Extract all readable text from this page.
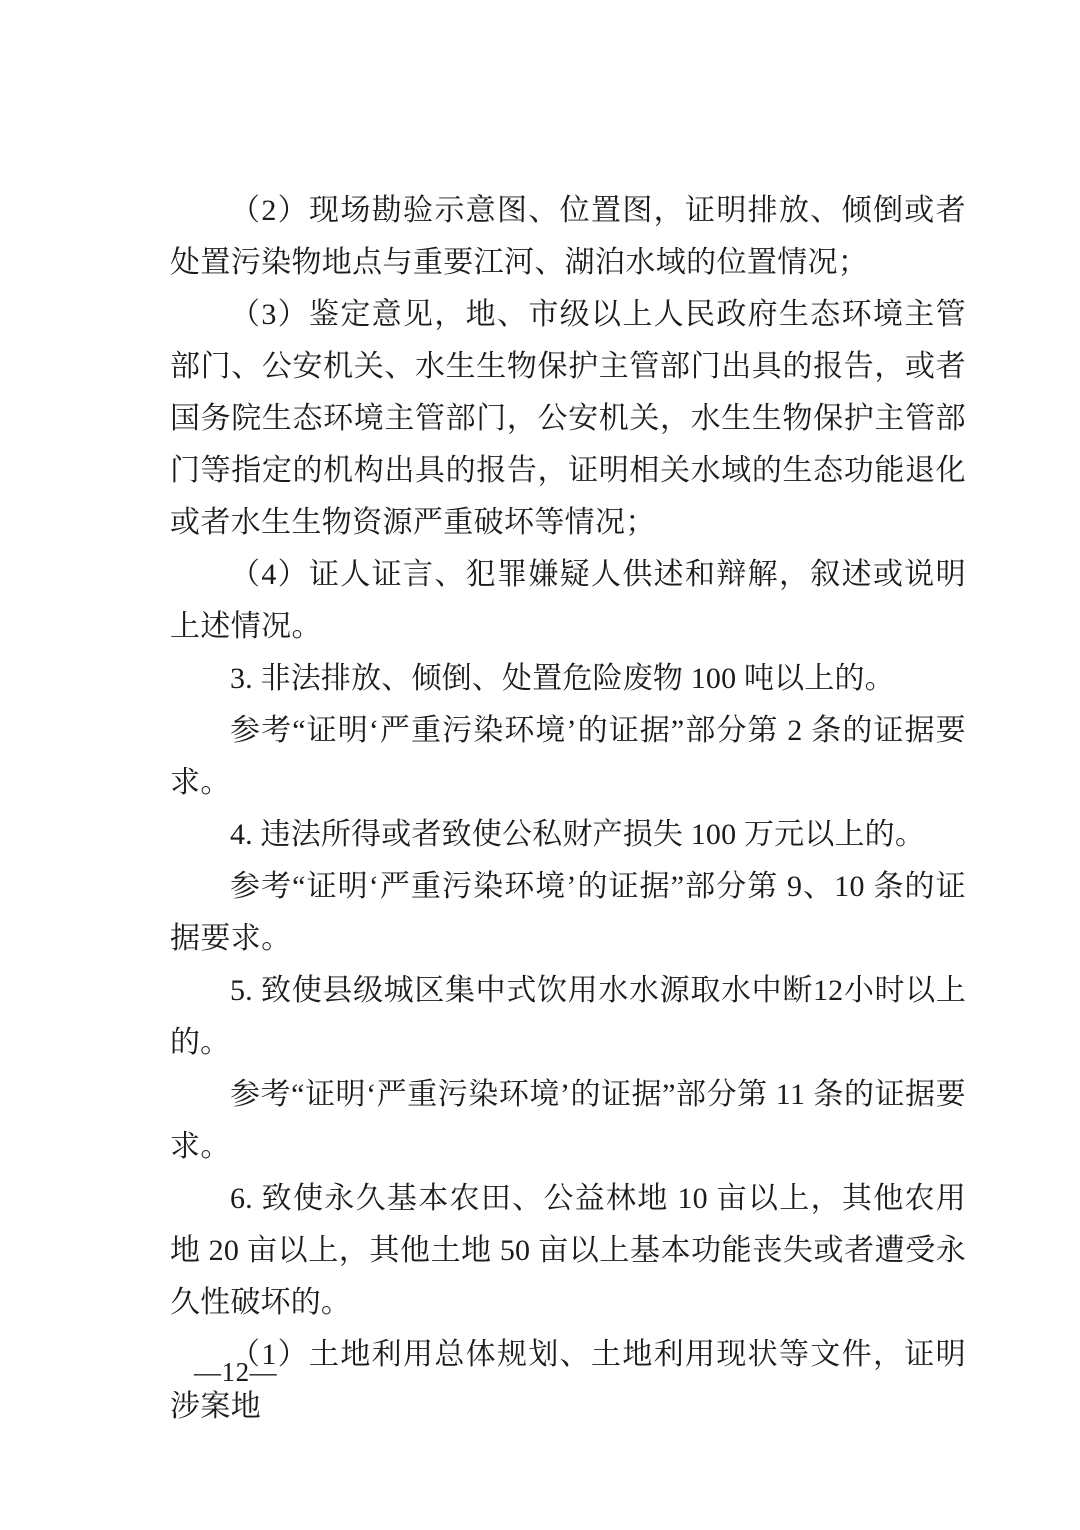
（2）现场勘验示意图、位置图，证明排放、倾倒或者处置污染物地点与重要江河、湖泊水域的位置情况；

（3）鉴定意见，地、市级以上人民政府生态环境主管部门、公安机关、水生生物保护主管部门出具的报告，或者国务院生态环境主管部门，公安机关，水生生物保护主管部门等指定的机构出具的报告，证明相关水域的生态功能退化或者水生生物资源严重破坏等情况；

（4）证人证言、犯罪嫌疑人供述和辩解，叙述或说明上述情况。

3. 非法排放、倾倒、处置危险废物 100 吨以上的。

参考“证明‘严重污染环境’的证据”部分第 2 条的证据要求。

4. 违法所得或者致使公私财产损失 100 万元以上的。

参考“证明‘严重污染环境’的证据”部分第 9、10 条的证据要求。

5. 致使县级城区集中式饮用水水源取水中断12小时以上的。

参考“证明‘严重污染环境’的证据”部分第 11 条的证据要求。

6. 致使永久基本农田、公益林地 10 亩以上，其他农用地 20 亩以上，其他土地 50 亩以上基本功能丧失或者遭受永久性破坏的。

（1）土地利用总体规划、土地利用现状等文件，证明涉案地

—12—
